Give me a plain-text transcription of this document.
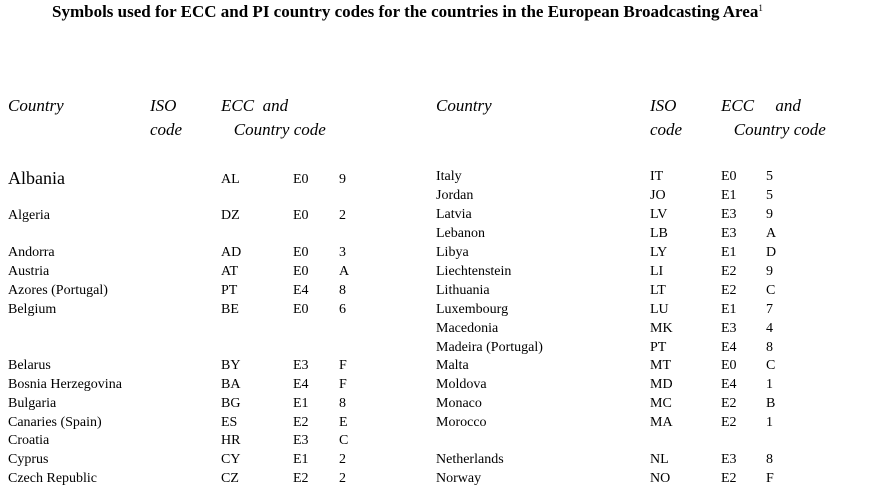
Symbols used for ECC and PI country codes for the countries in the European Broadcasting Area$^1$
Country	ISO
code
ECC and
Country code
Country	ISO
code
ECC and
Country code
Albania	AL	E0 9
Algeria	DZ	E0 2
Andorra	AD	E0 3
Austria	AT	E0 A
Azores (Portugal)	PT	E4 8
Belgium	BE	E0 6
Belarus	BY	E3 F
Bosnia Herzegovina	BA	E4 F
Bulgaria	BG	E1 8
Canaries (Spain)	ES	E2 E
Croatia	HR	E3 C
Cyprus	CY	E1 2
Czech Republic	CZ	E2 2
Italy	IT	E0 5
Jordan	JO	E1 5
Latvia	LV	E3 9
Lebanon	LB	E3 A
Libya	LY	E1 D
Liechtenstein	LI	E2 9
Lithuania	LT	E2 C
Luxembourg	LU	E1 7
Macedonia	MK	E3 4
Madeira (Portugal)	PT	E4 8
Malta	MT	E0 C
Moldova	MD	E4 1
Monaco	MC	E2 B
Morocco	MA	E2 1
Netherlands	NL	E3 8
Norway	NO	E2 F
